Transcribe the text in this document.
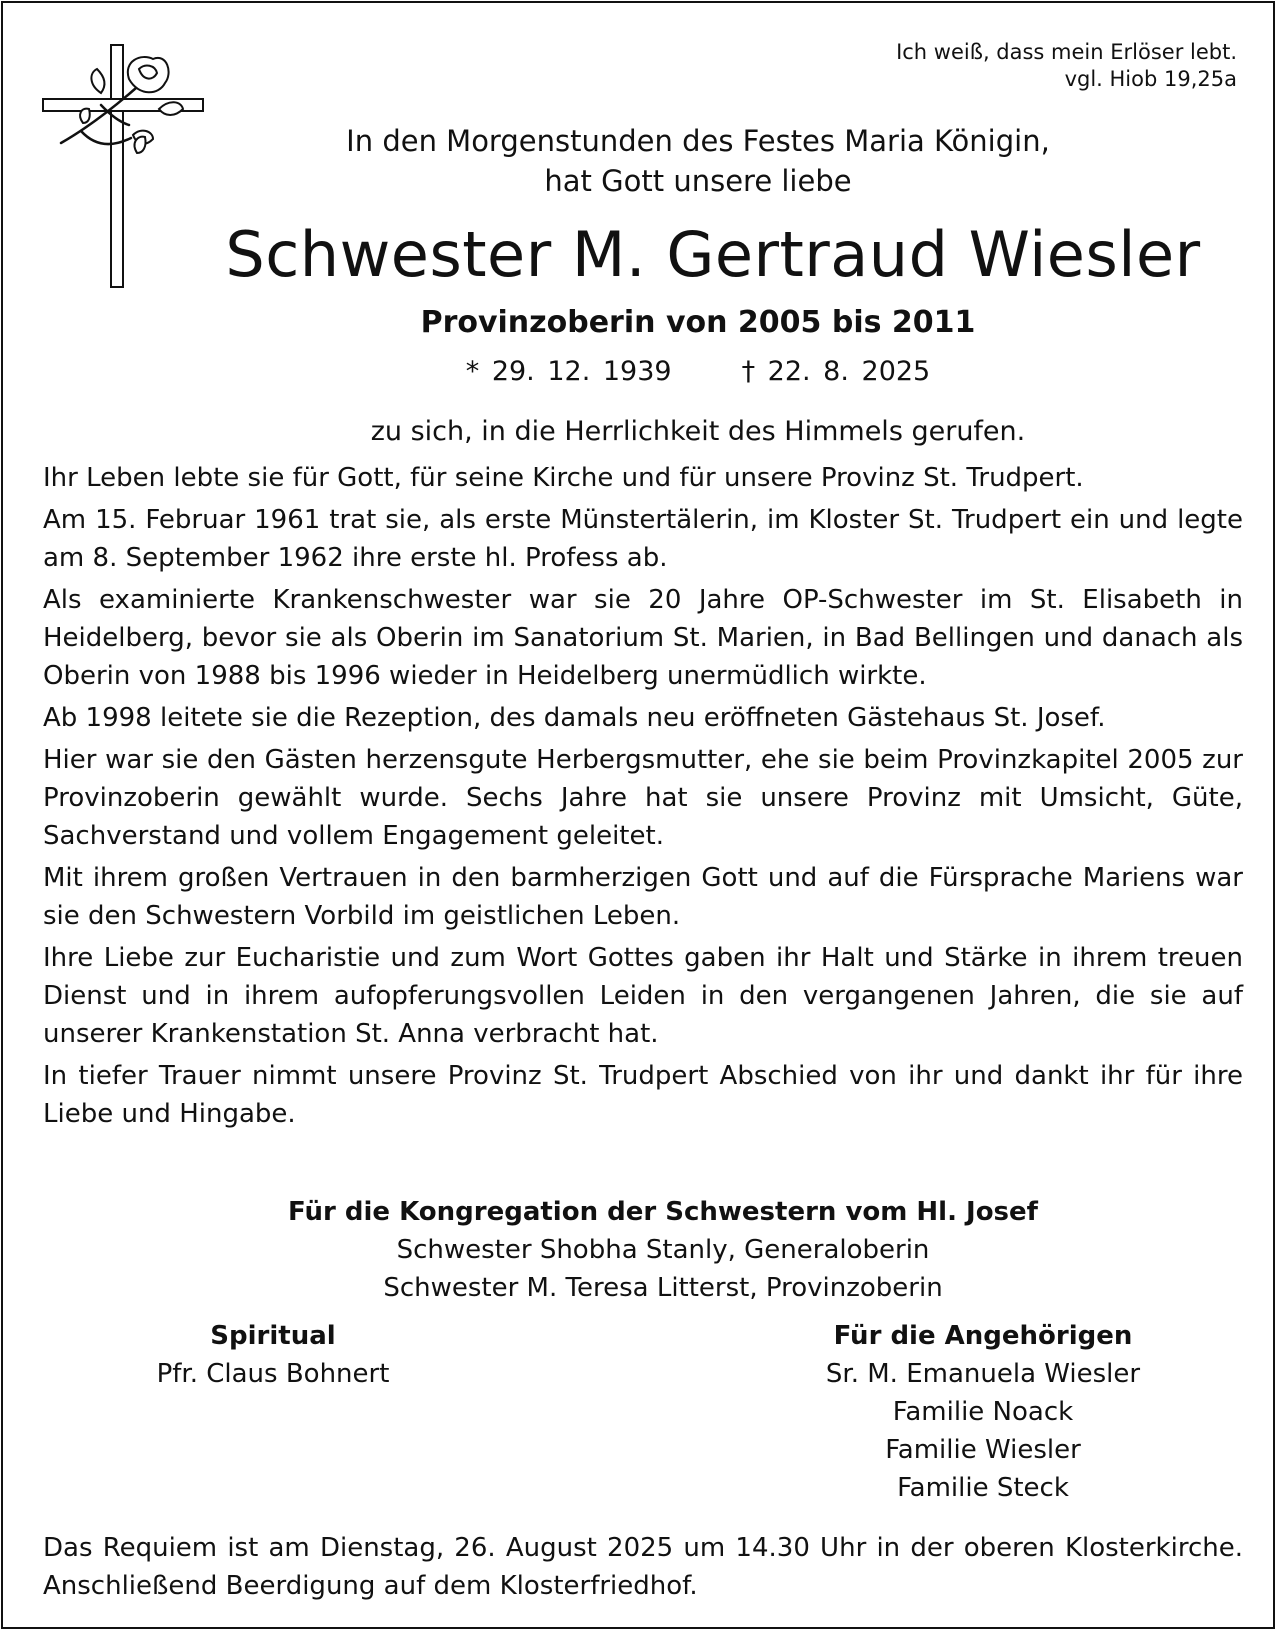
Ich weiß, dass mein Erlöser lebt.
vgl. Hiob 19,25a
In den Morgenstunden des Festes Maria Königin,
hat Gott unsere liebe
Schwester M. Gertraud Wiesler
Provinzoberin von 2005 bis 2011
* 29. 12. 1939	† 22. 8. 2025
zu sich, in die Herrlichkeit des Himmels gerufen.

Ihr Leben lebte sie für Gott, für seine Kirche und für unsere Provinz St. Trudpert.

Am 15. Februar 1961 trat sie, als erste Münstertälerin, im Kloster St. Trudpert ein und legte am 8. September 1962 ihre erste hl. Profess ab.

Als examinierte Krankenschwester war sie 20 Jahre OP-Schwester im St. Elisabeth in Heidelberg, bevor sie als Oberin im Sanatorium St. Marien, in Bad Bellingen und danach als Oberin von 1988 bis 1996 wieder in Heidelberg unermüdlich wirkte.

Ab 1998 leitete sie die Rezeption, des damals neu eröffneten Gästehaus St. Josef.

Hier war sie den Gästen herzensgute Herbergsmutter, ehe sie beim Provinzkapitel 2005 zur Provinzoberin gewählt wurde. Sechs Jahre hat sie unsere Provinz mit Umsicht, Güte, Sachverstand und vollem Engagement geleitet.

Mit ihrem großen Vertrauen in den barmherzigen Gott und auf die Fürsprache Mariens war sie den Schwestern Vorbild im geistlichen Leben.

Ihre Liebe zur Eucharistie und zum Wort Gottes gaben ihr Halt und Stärke in ihrem treuen Dienst und in ihrem aufopferungsvollen Leiden in den vergangenen Jahren, die sie auf unserer Krankenstation St. Anna verbracht hat.

In tiefer Trauer nimmt unsere Provinz St. Trudpert Abschied von ihr und dankt ihr für ihre Liebe und Hingabe.

Für die Kongregation der Schwestern vom Hl. Josef
Schwester Shobha Stanly, Generaloberin
Schwester M. Teresa Litterst, Provinzoberin
Spiritual
Pfr. Claus Bohnert
Für die Angehörigen
Sr. M. Emanuela Wiesler
Familie Noack
Familie Wiesler
Familie Steck
Das Requiem ist am Dienstag, 26. August 2025 um 14.30 Uhr in der oberen Klosterkirche. Anschließend Beerdigung auf dem Klosterfriedhof.
